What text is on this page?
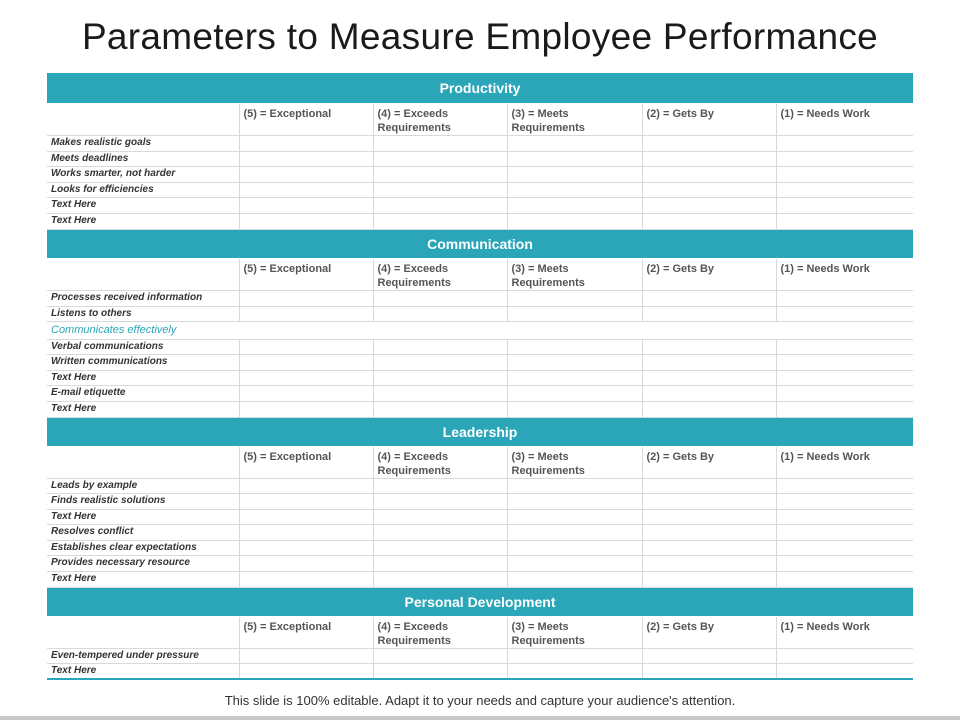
Parameters to Measure Employee Performance
Productivity					
	(5) = Exceptional	(4) = Exceeds Requirements	(3) = Meets Requirements	(2) = Gets By	(1) = Needs Work
Makes realistic goals					
Meets deadlines					
Works smarter, not harder					
Looks for efficiencies					
Text Here					
Text Here					
Communication					
	(5) = Exceptional	(4) = Exceeds Requirements	(3) = Meets Requirements	(2) = Gets By	(1) = Needs Work
Processes received information					
Listens to others					
Communicates effectively					
Verbal communications					
Written communications					
Text Here					
E-mail etiquette					
Text Here					
Leadership					
	(5) = Exceptional	(4) = Exceeds Requirements	(3) = Meets Requirements	(2) = Gets By	(1) = Needs Work
Leads by example					
Finds realistic solutions					
Text Here					
Resolves conflict					
Establishes clear expectations					
Provides necessary resource					
Text Here					
Personal Development					
	(5) = Exceptional	(4) = Exceeds Requirements	(3) = Meets Requirements	(2) = Gets By	(1) = Needs Work
Even-tempered under pressure					
Text Here					
This slide is 100% editable. Adapt it to your needs and capture your audience's attention.
